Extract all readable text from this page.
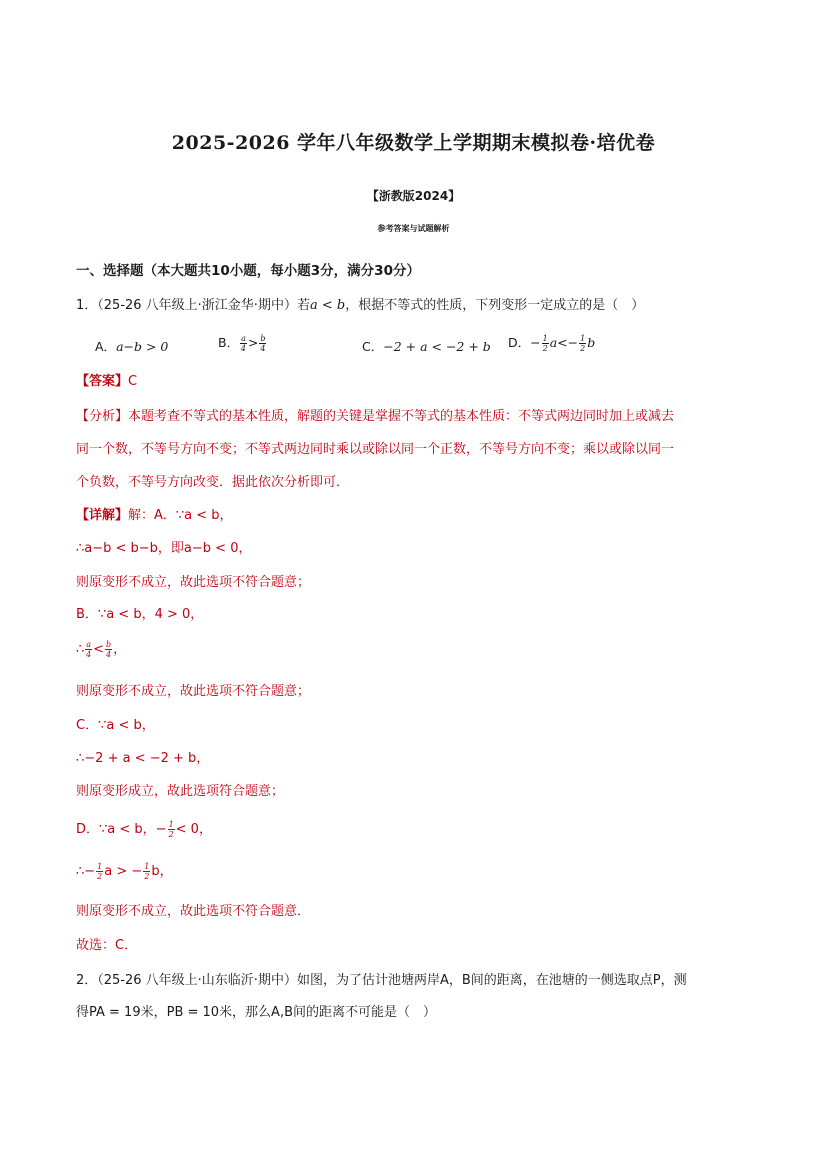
2025-2026 学年八年级数学上学期期末模拟卷·培优卷
【浙教版2024】
参考答案与试题解析
一、选择题（本大题共10小题，每小题3分，满分30分）
1．（25-26 八年级上·浙江金华·期中）若a < b，根据不等式的性质，下列变形一定成立的是（　）
A．a−b > 0	B． $\frac{a}{4} > \frac{b}{4}$	C．−2 + a < −2 + b D．− $\frac{1}{2} a<- \frac{1}{2}$ b
【答案】C
【分析】本题考查不等式的基本性质，解题的关键是掌握不等式的基本性质：不等式两边同时加上或减去
同一个数，不等号方向不变；不等式两边同时乘以或除以同一个正数，不等号方向不变；乘以或除以同一
个负数，不等号方向改变．据此依次分析即可．
【详解】解：A．∵a < b，
∴a−b < b−b，即a−b < 0，
则原变形不成立，故此选项不符合题意；
B．∵a < b，4 > 0，
∴ $\frac{a}{4} < \frac{b}{4}$ ，
则原变形不成立，故此选项不符合题意；
C．∵a < b，
∴−2 + a < −2 + b，
则原变形成立，故此选项符合题意；
D．∵a < b，− $\frac{1}{2} < 0$，
∴− $\frac{1}{2}$ a > − $\frac{1}{2}$ b，
则原变形不成立，故此选项不符合题意．
故选：C．
2．（25-26 八年级上·山东临沂·期中）如图，为了估计池塘两岸A，B间的距离，在池塘的一侧选取点P，测
得PA = 19米，PB = 10米，那么A,B间的距离不可能是（　）
